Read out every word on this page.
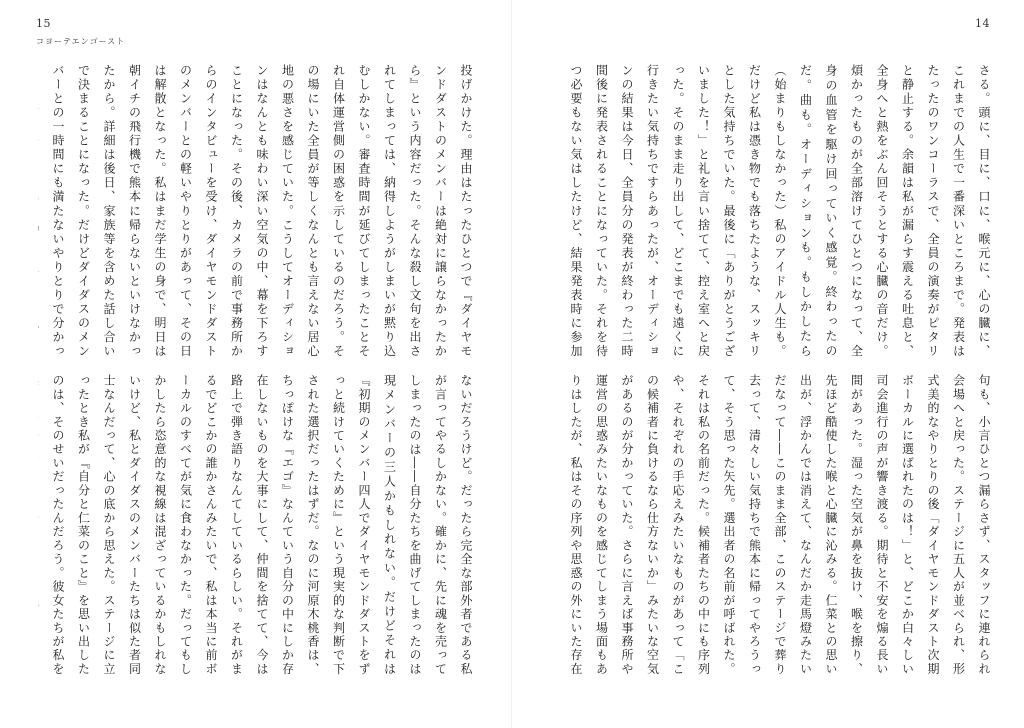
15
コヨーテエンゴースト
投げかけた。理由はたったひとつで『ダイヤモンドダストのメンバーは絶対に譲らなかったから』という内容だった。そんな殺し文句を出されてしまっては、納得しようがしまいが黙り込むしかない。審査時間が延びてしまったことそれ自体運営側の困惑を示しているのだろう。その場にいた全員が等しくなんとも言えない居心地の悪さを感じていた。こうしてオーディションはなんとも味わい深い空気の中、幕を下ろすことになった。その後、カメラの前で事務所からのインタビューを受け、ダイヤモンドダストのメンバーとの軽いやりとりがあって、その日は解散となった。私はまだ学生の身で、明日は朝イチの飛行機で熊本に帰らないといけなかったから。詳細は後日、家族等を含めた話し合いで決まることになった。だけどダイダスのメンバーとの一時間にも満たないやりとりで分かっ
ないだろうけど。だったら完全な部外者である私が言ってやるしかない。確かに、先に魂を売ってしまったのは――自分たちを曲げてしまったのは現メンバーの三人かもしれない。だけどそれは『初期のメンバー四人でダイヤモンドダストをずっと続けていくために』という現実的な判断で下された選択だったはずだ。なのに河原木桃香は、ちっぽけな『エゴ』なんていう自分の中にしか存在しないものを大事にして、仲間を捨てて、今は路上で弾き語りなんてしているらしい。それがまるでどこかの誰かさんみたいで、私は本当に前ボーカルのすべてが気に食わなかった。だってもしかしたら恣意的な視線は混ざっているかもしれないけど、私とダイダスのメンバーたちは似た者同士なんだって、心の底から思えた。ステージに立ったとき私が『自分と仁菜のこと』を思い出したのは、そのせいだったんだろう。彼女たちが私を
14
さる。頭に、目に、口に、喉元に、心の臓に、これまでの人生で一番深いところまで。発表はたったのワンコーラスで、全員の演奏がピタリと静止する。余韻は私が漏らす震える吐息と、全身へと熱をぶん回そうとする心臓の音だけ。煩かったものが全部溶けてひとつになって、全身の血管を駆け回っていく感覚。終わったのだ。曲も。オーディションも。もしかしたら（始まりもしなかった）私のアイドル人生も。だけど私は憑き物でも落ちたような、スッキリとした気持ちでいた。最後に「ありがとうございました！」と礼を言い捨てて、控え室へと戻った。そのまま走り出して、どこまでも遠くに行きたい気持ちですらあったが、オーディションの結果は今日、全員分の発表が終わった二時間後に発表されることになっていた。それを待つ必要もない気はしたけど、結果発表時に参加
句も、小言ひとつ漏らさず、スタッフに連れられ会場へと戻った。ステージに五人が並べられ、形式美的なやりとりの後「ダイヤモンドダスト次期ボーカルに選ばれたのは！」と、どこか白々しい司会進行の声が響き渡る。期待と不安を煽る長い間があった。湿った空気が鼻を抜け、喉を擦り、先ほど酷使した喉と心臓に沁みる。仁菜との思い出が、浮かんでは消えて、なんだか走馬燈みたいだなって――このまま全部、このステージで葬り去って、清々しい気持ちで熊本に帰ってやろうって、そう思った矢先。選出者の名前が呼ばれた。それは私の名前だった。候補者たちの中にも序列や、それぞれの手応えみたいなものがあって「この候補者に負けるなら仕方ないか」みたいな空気があるのが分かっていた。さらに言えば事務所や運営の思惑みたいなものを感じてしまう場面もありはしたが、私はその序列や思惑の外にいた存在
